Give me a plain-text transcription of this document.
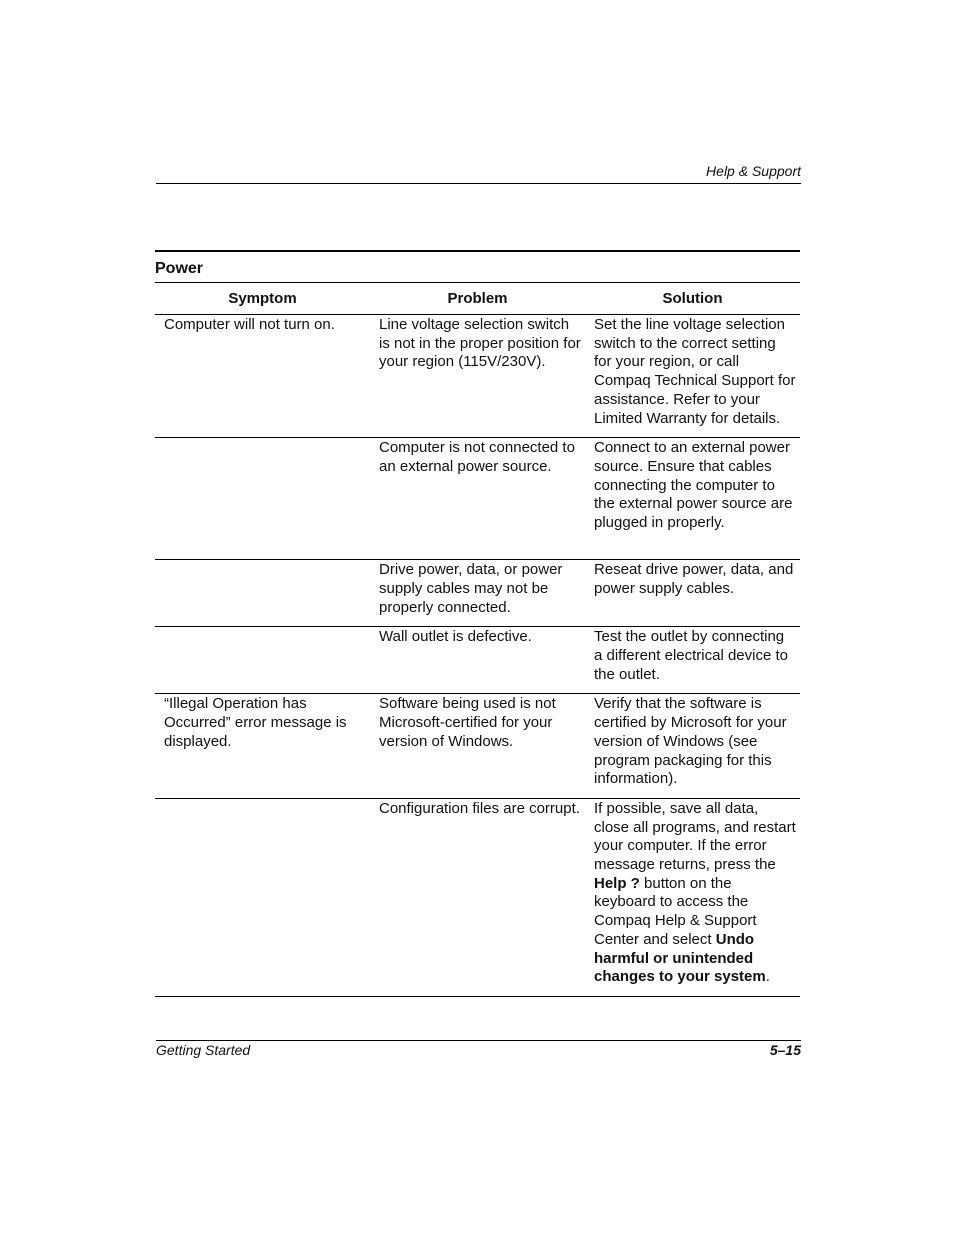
Help & Support
Power
Symptom	Problem	Solution
Computer will not turn on.	Line voltage selection switch is not in the proper position for your region (115V/230V).	Set the line voltage selection switch to the correct setting for your region, or call Compaq Technical Support for assistance. Refer to your Limited Warranty for details.
	Computer is not connected to an external power source.	Connect to an external power source. Ensure that cables connecting the computer to the external power source are plugged in properly.
	Drive power, data, or power supply cables may not be properly connected.	Reseat drive power, data, and power supply cables.
	Wall outlet is defective.	Test the outlet by connecting a different electrical device to the outlet.
“Illegal Operation has Occurred” error message is displayed.	Software being used is not Microsoft-certified for your version of Windows.	Verify that the software is certified by Microsoft for your version of Windows (see program packaging for this information).
	Configuration files are corrupt.	If possible, save all data, close all programs, and restart your computer. If the error message returns, press the Help ? button on the keyboard to access the Compaq Help & Support Center and select Undo harmful or unintended changes to your system.
Getting Started	5–15
